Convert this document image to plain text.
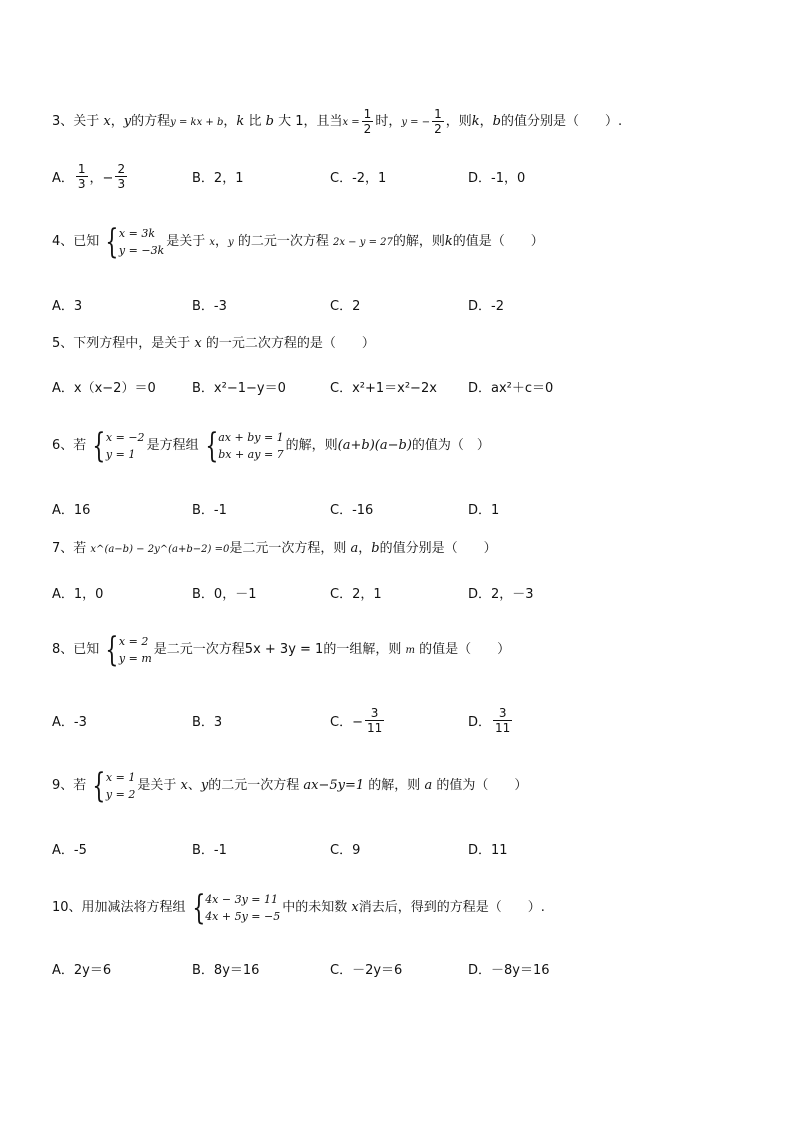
3、关于 x，y的方程y = kx + b，k 比 b 大 1，且当$x = \frac{1}{2}$ 时，y = − $\frac{1}{2}$ ，则k，b的值分别是（　　）.
A． $\frac{1}{3}$ ，− $\frac{2}{3}$	B．2，1	C．-2，1	D．-1，0
4、已知 { x = 3k
y = −3k
是关于 x，y 的二元一次方程 2x − y = 27的解，则k的值是（　　）
A．3	B．-3	C．2	D．-2
5、下列方程中，是关于 x 的一元二次方程的是（　　）
A．x（x−2）＝0	B．x²−1−y＝0	C．x²+1＝x²−2x D．ax²＋c＝0
6、若 { x = −2
y = 1
是方程组 { ax + by = 1
bx + ay = 7
的解，则(a+b)(a−b)的值为（　）
A．16	B．-1	C．-16	D．1
7、若 x^(a−b) − 2y^(a+b−2) =0是二元一次方程，则 a，b的值分别是（　　）
A．1，0	B．0，－1	C．2，1	D．2，－3
8、已知 { x = 2
y = m
是二元一次方程5x + 3y = 1的一组解，则 m 的值是（　　）
A．-3	B．3	C．− $\frac{3}{11}$	D． $\frac{3}{11}$
9、若 { x = 1
y = 2
是关于 x、y的二元一次方程 ax−5y=1 的解，则 a 的值为（　　）
A．-5	B．-1	C．9	D．11
10、用加减法将方程组 { 4x − 3y = 11
4x + 5y = −5
中的未知数 x消去后，得到的方程是（　　）.
A．2y＝6	B．8y＝16	C．－2y＝6	D．－8y＝16
